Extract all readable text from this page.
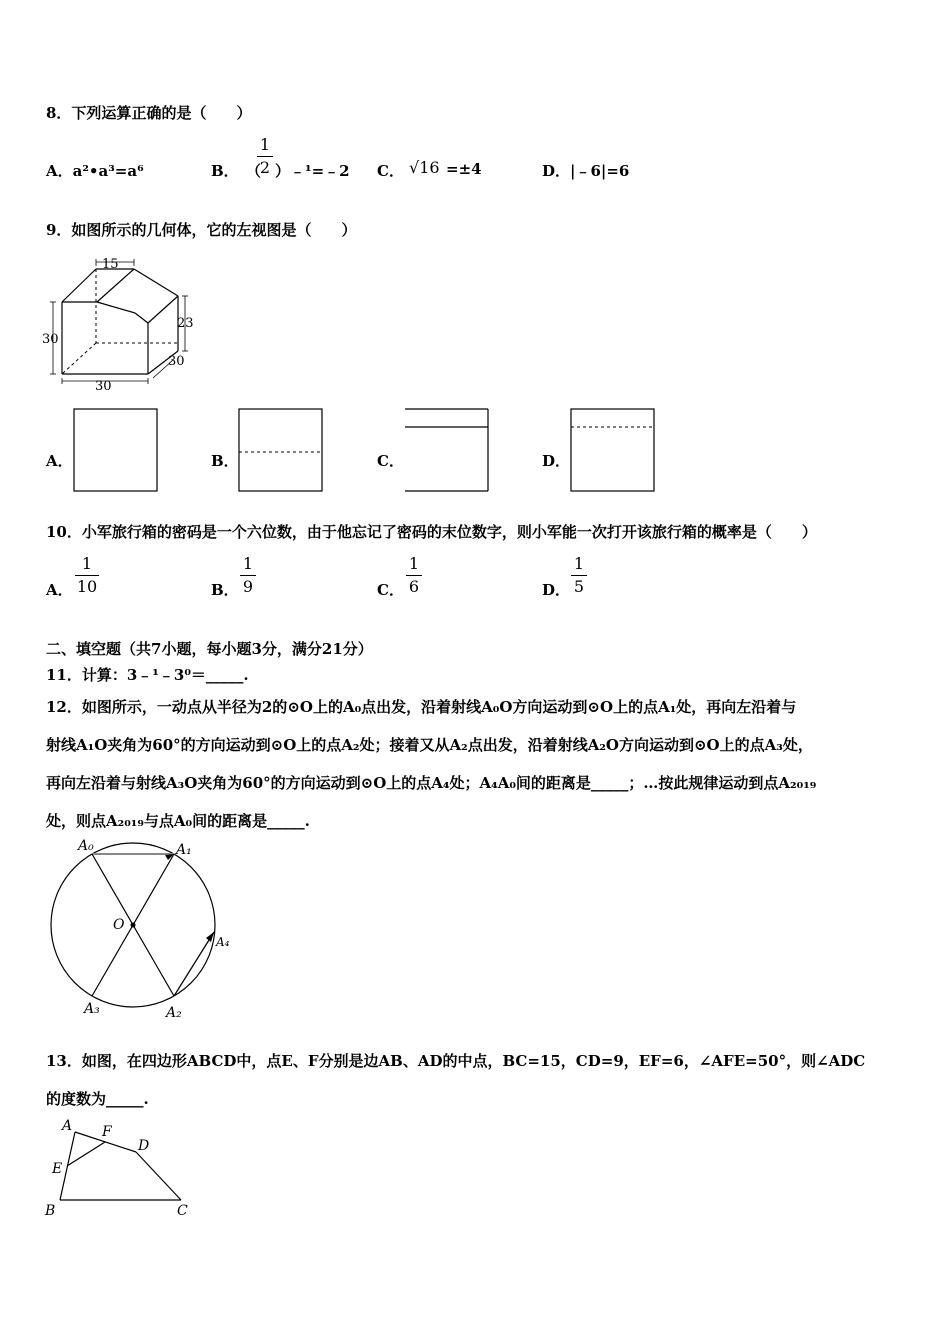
8．下列运算正确的是（　　）
A．a²•a³=a⁶	B． （
1
2 ）﹣¹=﹣2 C． √16 =±4	D．|﹣6|=6
9．如图所示的几何体，它的左视图是（　　）
15
30
23
30
30
A．	B．	C．	D．
10．小军旅行箱的密码是一个六位数，由于他忘记了密码的末位数字，则小军能一次打开该旅行箱的概率是（　　）
A．
1
10	B．
1
9	C．
1
6	D．
1
5
二、填空题（共7小题，每小题3分，满分21分）
11．计算：3﹣¹﹣3⁰＝_____.
12．如图所示，一动点从半径为2的⊙O上的A₀点出发，沿着射线A₀O方向运动到⊙O上的点A₁处，再向左沿着与
射线A₁O夹角为60°的方向运动到⊙O上的点A₂处；接着又从A₂点出发，沿着射线A₂O方向运动到⊙O上的点A₃处，
再向左沿着与射线A₃O夹角为60°的方向运动到⊙O上的点A₄处；A₄A₀间的距离是_____；…按此规律运动到点A₂₀₁₉
处，则点A₂₀₁₉与点A₀间的距离是_____.
A₀	A₁
A₂
A₃
A₄
O
13．如图，在四边形ABCD中，点E、F分别是边AB、AD的中点，BC=15，CD=9，EF=6，∠AFE=50°，则∠ADC
的度数为_____.
A
B	C
D
E
F
